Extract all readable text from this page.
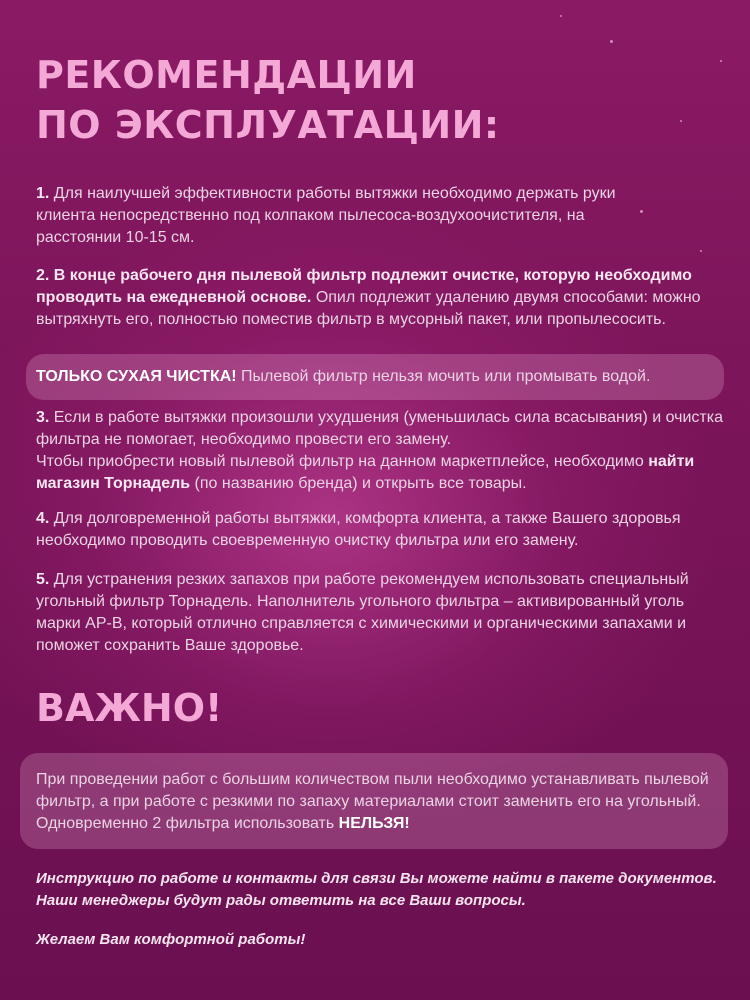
РЕКОМЕНДАЦИИ
ПО ЭКСПЛУАТАЦИИ:

1. Для наилучшей эффективности работы вытяжки необходимо держать руки клиента непосредственно под колпаком пылесоса-воздухоочистителя, на расстоянии 10-15 см.

2. В конце рабочего дня пылевой фильтр подлежит очистке, которую необходимо проводить на ежедневной основе. Опил подлежит удалению двумя способами: можно вытряхнуть его, полностью поместив фильтр в мусорный пакет, или пропылесосить.

ТОЛЬКО СУХАЯ ЧИСТКА! Пылевой фильтр нельзя мочить или промывать водой.

3. Если в работе вытяжки произошли ухудшения (уменьшилась сила всасывания) и очистка фильтра не помогает, необходимо провести его замену.
Чтобы приобрести новый пылевой фильтр на данном маркетплейсе, необходимо найти магазин Торнадель (по названию бренда) и открыть все товары.

4. Для долговременной работы вытяжки, комфорта клиента, а также Вашего здоровья необходимо проводить своевременную очистку фильтра или его замену.

5. Для устранения резких запахов при работе рекомендуем использовать специальный угольный фильтр Торнадель. Наполнитель угольного фильтра – активированный уголь марки АР-В, который отлично справляется с химическими и органическими запахами и поможет сохранить Ваше здоровье.

ВАЖНО!

При проведении работ с большим количеством пыли необходимо устанавливать пылевой фильтр, а при работе с резкими по запаху материалами стоит заменить его на угольный. Одновременно 2 фильтра использовать НЕЛЬЗЯ!

Инструкцию по работе и контакты для связи Вы можете найти в пакете документов.
Наши менеджеры будут рады ответить на все Ваши вопросы.

Желаем Вам комфортной работы!
